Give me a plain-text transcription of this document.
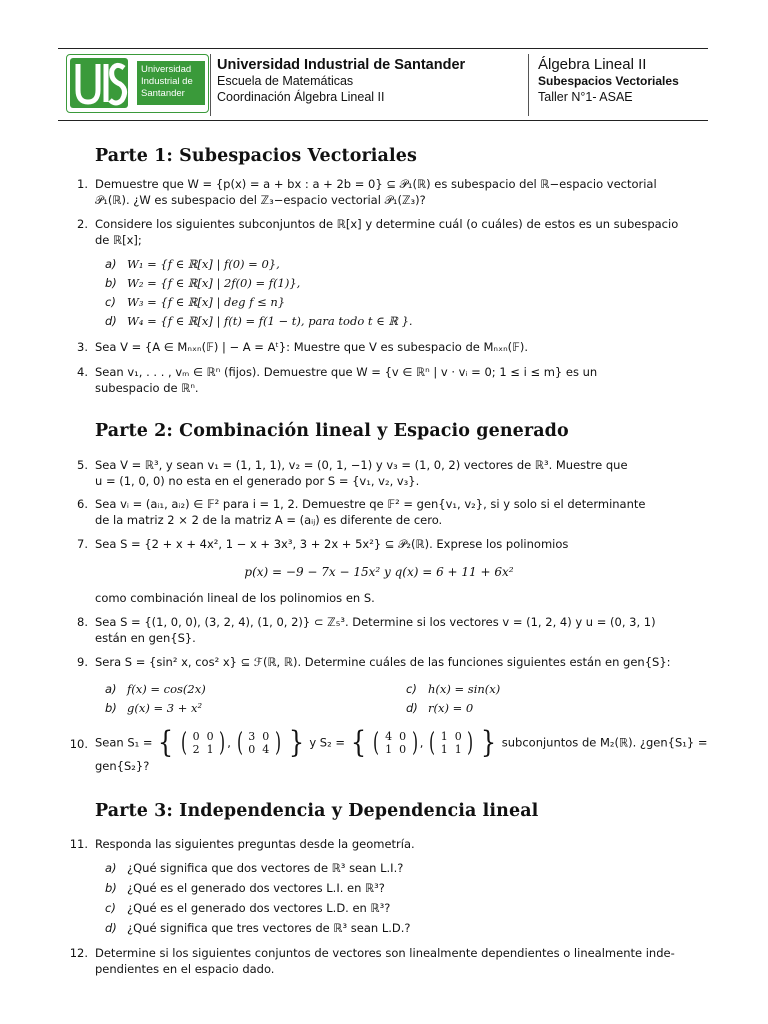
Universidad
Industrial de
Santander
Universidad Industrial de Santander
Escuela de Matemáticas
Coordinación Álgebra Lineal II
Álgebra Lineal II
Subespacios Vectoriales
Taller N°1- ASAE
Parte 1: Subespacios Vectoriales
1. Demuestre que W = {p(x) = a + bx : a + 2b = 0} ⊆ 𝒫₁(ℝ) es subespacio del ℝ−espacio vectorial
𝒫₁(ℝ). ¿W es subespacio del ℤ₃−espacio vectorial 𝒫₁(ℤ₃)?
2. Considere los siguientes subconjuntos de ℝ[x] y determine cuál (o cuáles) de estos es un subespacio
de ℝ[x];
a) W₁ = {f ∈ ℝ[x] | f(0) = 0},
b) W₂ = {f ∈ ℝ[x] | 2f(0) = f(1)},
c) W₃ = {f ∈ ℝ[x] | deg f ≤ n}
d) W₄ = {f ∈ ℝ[x] | f(t) = f(1 − t), para todo t ∈ ℝ }.
3. Sea V = {A ∈ Mₙₓₙ(𝔽) | − A = Aᵗ}: Muestre que V es subespacio de Mₙₓₙ(𝔽).
4. Sean v₁, . . . , vₘ ∈ ℝⁿ (fijos). Demuestre que W = {v ∈ ℝⁿ | v · vᵢ = 0; 1 ≤ i ≤ m} es un
subespacio de ℝⁿ.
Parte 2: Combinación lineal y Espacio generado
5. Sea V = ℝ³, y sean v₁ = (1, 1, 1), v₂ = (0, 1, −1) y v₃ = (1, 0, 2) vectores de ℝ³. Muestre que
u = (1, 0, 0) no esta en el generado por S = {v₁, v₂, v₃}.
6. Sea vᵢ = (aᵢ₁, aᵢ₂) ∈ 𝔽² para i = 1, 2. Demuestre qe 𝔽² = gen{v₁, v₂}, si y solo si el determinante
de la matriz 2 × 2 de la matriz A = (aᵢⱼ) es diferente de cero.
7. Sea S = {2 + x + 4x², 1 − x + 3x³, 3 + 2x + 5x²} ⊆ 𝒫₂(ℝ). Exprese los polinomios
p(x) = −9 − 7x − 15x² y q(x) = 6 + 11 + 6x²
como combinación lineal de los polinomios en S.
8. Sea S = {(1, 0, 0), (3, 2, 4), (1, 0, 2)} ⊂ ℤ₅³. Determine si los vectores v = (1, 2, 4) y u = (0, 3, 1)
están en gen{S}.
9. Sera S = {sin² x, cos² x} ⊆ ℱ(ℝ, ℝ). Determine cuáles de las funciones siguientes están en gen{S}:
a) f(x) = cos(2x)
b) g(x) = 3 + x²
c) h(x) = sin(x)
d) r(x) = 0
10. Sean S₁ = { ( 0 0
2 1 ) , ( 3 0
0 4 ) } y S₂ = { ( 4 0
1 0 ) , ( 1 0
1 1 ) } subconjuntos de M₂(ℝ). ¿gen{S₁} =
gen{S₂}?
Parte 3: Independencia y Dependencia lineal
11. Responda las siguientes preguntas desde la geometría.
a) ¿Qué significa que dos vectores de ℝ³ sean L.I.?
b) ¿Qué es el generado dos vectores L.I. en ℝ³?
c) ¿Qué es el generado dos vectores L.D. en ℝ³?
d) ¿Qué significa que tres vectores de ℝ³ sean L.D.?
12. Determine si los siguientes conjuntos de vectores son linealmente dependientes o linealmente inde-
pendientes en el espacio dado.
